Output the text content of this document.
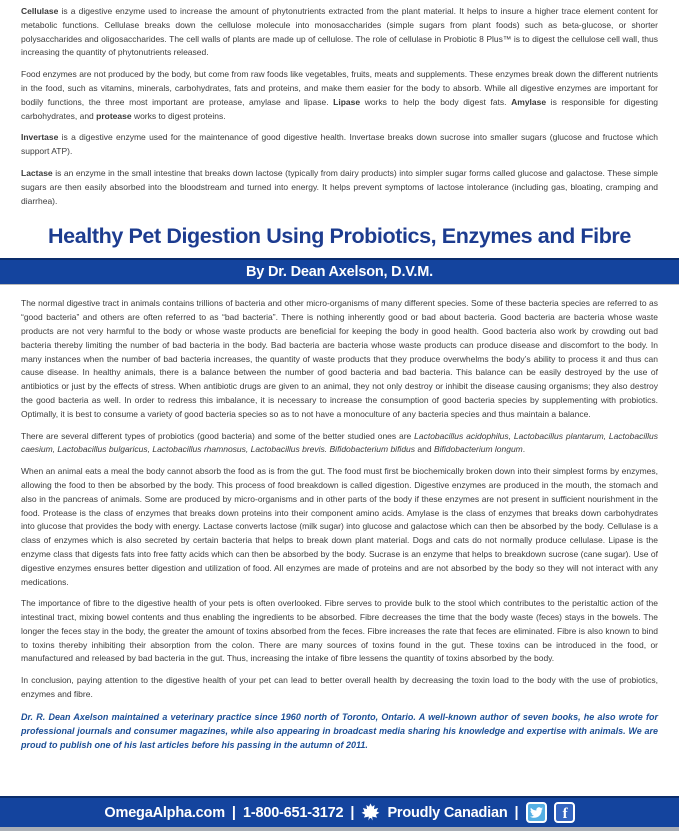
Cellulase is a digestive enzyme used to increase the amount of phytonutrients extracted from the plant material. It helps to insure a higher trace element content for metabolic functions. Cellulase breaks down the cellulose molecule into monosaccharides (simple sugars from plant foods) such as beta-glucose, or shorter polysaccharides and oligosaccharides. The cell walls of plants are made up of cellulose. The role of cellulase in Probiotic 8 Plus™ is to digest the cellulose cell wall, thus increasing the quantity of phytonutrients released.

Food enzymes are not produced by the body, but come from raw foods like vegetables, fruits, meats and supplements. These enzymes break down the different nutrients in the food, such as vitamins, minerals, carbohydrates, fats and proteins, and make them easier for the body to absorb. While all digestive enzymes are important for bodily functions, the three most important are protease, amylase and lipase. Lipase works to help the body digest fats. Amylase is responsible for digesting carbohydrates, and protease works to digest proteins.

Invertase is a digestive enzyme used for the maintenance of good digestive health. Invertase breaks down sucrose into smaller sugars (glucose and fructose which support ATP).

Lactase is an enzyme in the small intestine that breaks down lactose (typically from dairy products) into simpler sugar forms called glucose and galactose. These simple sugars are then easily absorbed into the bloodstream and turned into energy. It helps prevent symptoms of lactose intolerance (including gas, bloating, cramping and diarrhea).

Healthy Pet Digestion Using Probiotics, Enzymes and Fibre
By Dr. Dean Axelson, D.V.M.

The normal digestive tract in animals contains trillions of bacteria and other micro-organisms of many different species. Some of these bacteria species are referred to as “good bacteria” and others are often referred to as “bad bacteria”. There is nothing inherently good or bad about bacteria. Good bacteria are bacteria whose waste products are not very harmful to the body or whose waste products are beneficial for keeping the body in good health. Good bacteria also work by crowding out bad bacteria thereby limiting the number of bad bacteria in the body. Bad bacteria are bacteria whose waste products can produce disease and discomfort to the body. In many instances when the number of bad bacteria increases, the quantity of waste products that they produce overwhelms the body’s ability to process it and thus can cause disease. In healthy animals, there is a balance between the number of good bacteria and bad bacteria. This balance can be easily destroyed by the use of antibiotics or just by the effects of stress. When antibiotic drugs are given to an animal, they not only destroy or inhibit the disease causing organisms; they also destroy the good bacteria as well. In order to redress this imbalance, it is necessary to increase the consumption of good bacteria species by supplementing with probiotics. Optimally, it is best to consume a variety of good bacteria species so as to not have a monoculture of any bacteria species and thus maintain a balance.

There are several different types of probiotics (good bacteria) and some of the better studied ones are Lactobacillus acidophilus, Lactobacillus plantarum, Lactobacillus caesium, Lactobacillus bulgaricus, Lactobacillus rhamnosus, Lactobacillus brevis. Bifidobacterium bifidus and Bifidobacterium longum.

When an animal eats a meal the body cannot absorb the food as is from the gut. The food must first be biochemically broken down into their simplest forms by enzymes, allowing the food to then be absorbed by the body. This process of food breakdown is called digestion. Digestive enzymes are produced in the mouth, the stomach and also in the pancreas of animals. Some are produced by micro-organisms and in other parts of the body if these enzymes are not present in sufficient nourishment in the food. Protease is the class of enzymes that breaks down proteins into their component amino acids. Amylase is the class of enzymes that breaks down carbohydrates into glucose that provides the body with energy. Lactase converts lactose (milk sugar) into glucose and galactose which can then be absorbed by the body. Cellulase is a class of enzymes which is also secreted by certain bacteria that helps to break down plant material. Dogs and cats do not normally produce cellulase. Lipase is the enzyme class that digests fats into free fatty acids which can then be absorbed by the body. Sucrase is an enzyme that helps to breakdown sucrose (cane sugar). Use of digestive enzymes ensures better digestion and utilization of food. All enzymes are made of proteins and are not absorbed by the body so they will not interact with any medications.

The importance of fibre to the digestive health of your pets is often overlooked. Fibre serves to provide bulk to the stool which contributes to the peristaltic action of the intestinal tract, mixing bowel contents and thus enabling the ingredients to be absorbed. Fibre decreases the time that the body waste (feces) stays in the bowels. The longer the feces stay in the body, the greater the amount of toxins absorbed from the feces. Fibre increases the rate that feces are eliminated. Fibre is also known to bind to toxins thereby inhibiting their absorption from the colon. There are many sources of toxins found in the gut. These toxins can be introduced in the food, or manufactured and released by bad bacteria in the gut. Thus, increasing the intake of fibre lessens the quantity of toxins absorbed by the body.

In conclusion, paying attention to the digestive health of your pet can lead to better overall health by decreasing the toxin load to the body with the use of probiotics, enzymes and fibre.

Dr. R. Dean Axelson maintained a veterinary practice since 1960 north of Toronto, Ontario. A well-known author of seven books, he also wrote for professional journals and consumer magazines, while also appearing in broadcast media sharing his knowledge and expertise with animals. We are proud to publish one of his last articles before his passing in the autumn of 2011.

OmegaAlpha.com | 1-800-651-3172 | Proudly Canadian |	f
